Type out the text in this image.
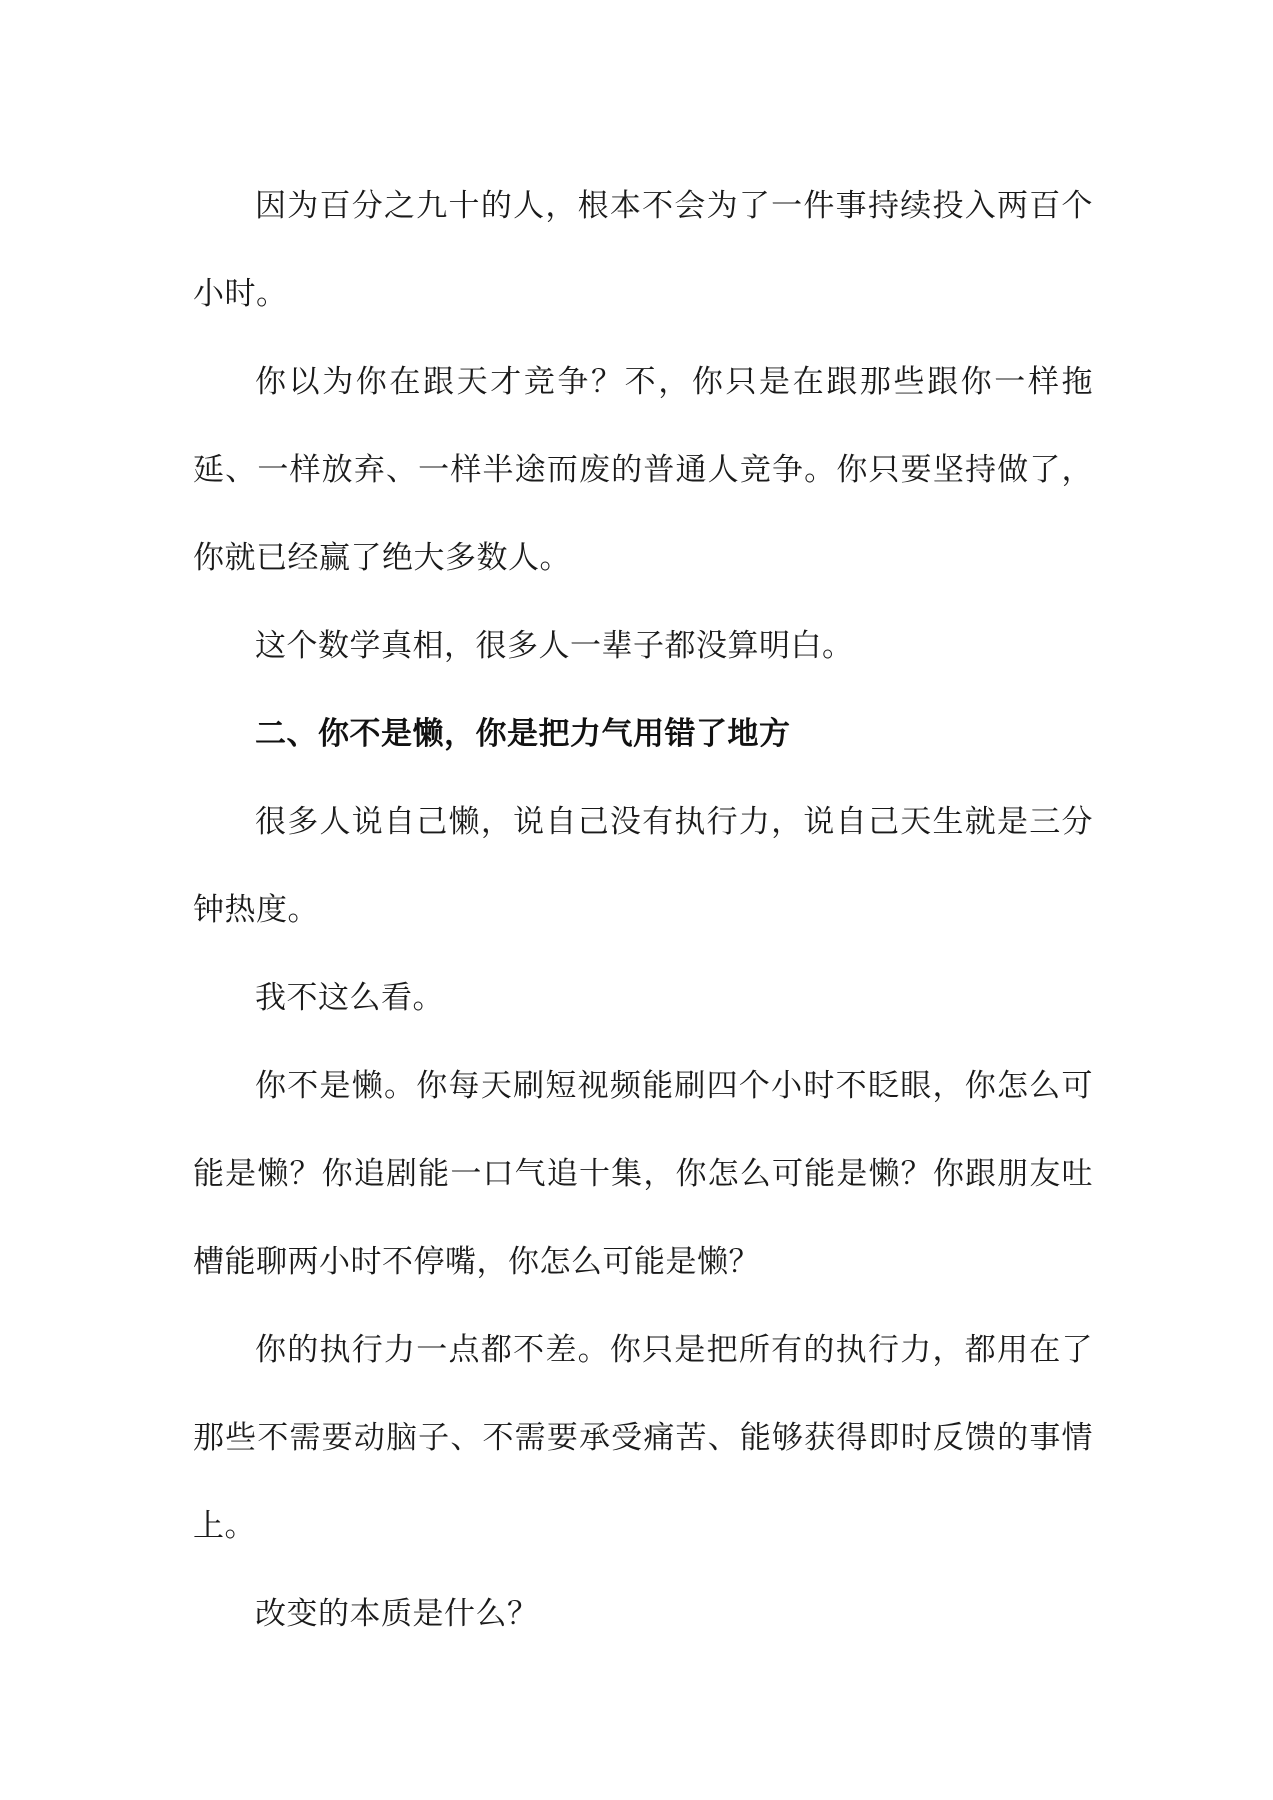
因为百分之九十的人，根本不会为了一件事持续投入两百个小时。

你以为你在跟天才竞争？不，你只是在跟那些跟你一样拖延、一样放弃、一样半途而废的普通人竞争。你只要坚持做了，你就已经赢了绝大多数人。

这个数学真相，很多人一辈子都没算明白。

二、你不是懒，你是把力气用错了地方

很多人说自己懒，说自己没有执行力，说自己天生就是三分钟热度。

我不这么看。

你不是懒。你每天刷短视频能刷四个小时不眨眼，你怎么可能是懒？你追剧能一口气追十集，你怎么可能是懒？你跟朋友吐槽能聊两小时不停嘴，你怎么可能是懒？

你的执行力一点都不差。你只是把所有的执行力，都用在了那些不需要动脑子、不需要承受痛苦、能够获得即时反馈的事情上。

改变的本质是什么？
